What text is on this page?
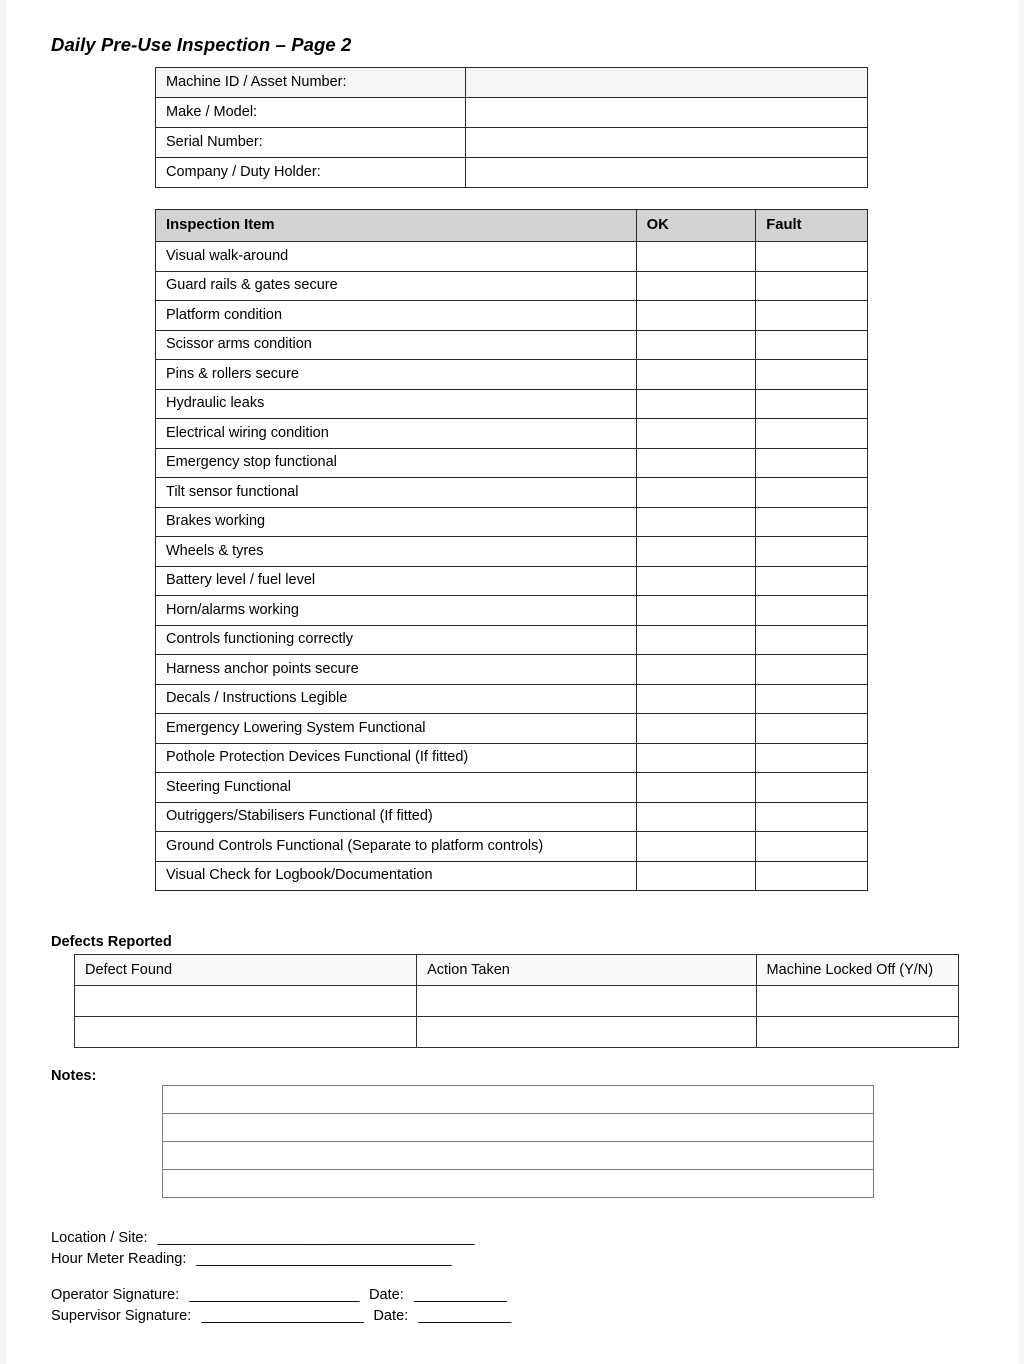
Daily Pre-Use Inspection – Page 2
Machine ID / Asset Number:	
Make / Model:	
Serial Number:	
Company / Duty Holder:	
Inspection Item	OK	Fault
Visual walk-around		
Guard rails & gates secure		
Platform condition		
Scissor arms condition		
Pins & rollers secure		
Hydraulic leaks		
Electrical wiring condition		
Emergency stop functional		
Tilt sensor functional		
Brakes working		
Wheels & tyres		
Battery level / fuel level		
Horn/alarms working		
Controls functioning correctly		
Harness anchor points secure		
Decals / Instructions Legible		
Emergency Lowering System Functional		
Pothole Protection Devices Functional (If fitted)		
Steering Functional		
Outriggers/Stabilisers Functional (If fitted)		
Ground Controls Functional (Separate to platform controls)		
Visual Check for Logbook/Documentation		
Defects Reported
Defect Found	Action Taken	Machine Locked Off (Y/N)

Notes:

Location / Site: _________________________________________
Hour Meter Reading: _________________________________
Operator Signature: ______________________ Date: ____________
Supervisor Signature: _____________________ Date: ____________
